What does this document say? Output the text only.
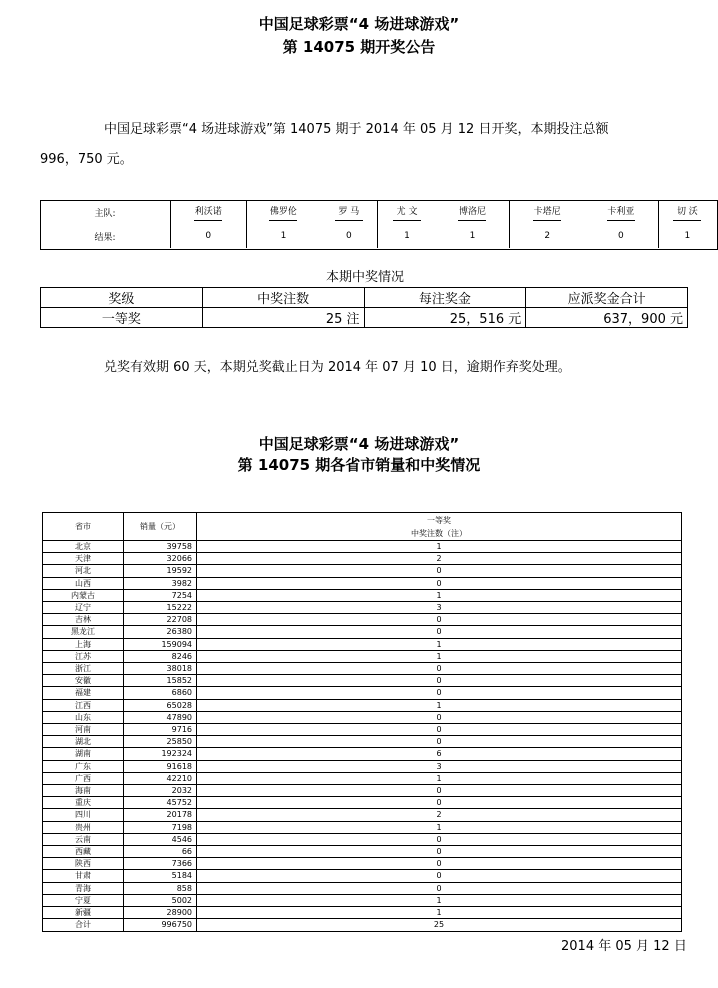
中国足球彩票“4 场进球游戏”
第 14075 期开奖公告
中国足球彩票“4 场进球游戏”第 14075 期于 2014 年 05 月 12 日开奖，本期投注总额
996，750 元。
主队:	利沃诺	佛罗伦	罗 马	尤 文	博洛尼	卡塔尼	卡利亚	切 沃
结果:	0	1	0	1	1	2	0	1
本期中奖情况
奖级	中奖注数	每注奖金	应派奖金合计
一等奖	25 注	25，516 元	637，900 元
兑奖有效期 60 天，本期兑奖截止日为 2014 年 07 月 10 日，逾期作弃奖处理。
中国足球彩票“4 场进球游戏”
第 14075 期各省市销量和中奖情况
省市	销量（元）	一等奖
中奖注数（注）

北京	39758	1
天津	32066	2
河北	19592	0
山西	3982	0
内蒙古	7254	1
辽宁	15222	3
吉林	22708	0
黑龙江	26380	0
上海	159094	1
江苏	8246	1
浙江	38018	0
安徽	15852	0
福建	6860	0
江西	65028	1
山东	47890	0
河南	9716	0
湖北	25850	0
湖南	192324	6
广东	91618	3
广西	42210	1
海南	2032	0
重庆	45752	0
四川	20178	2
贵州	7198	1
云南	4546	0
西藏	66	0
陕西	7366	0
甘肃	5184	0
青海	858	0
宁夏	5002	1
新疆	28900	1
合计	996750	25
2014 年 05 月 12 日
